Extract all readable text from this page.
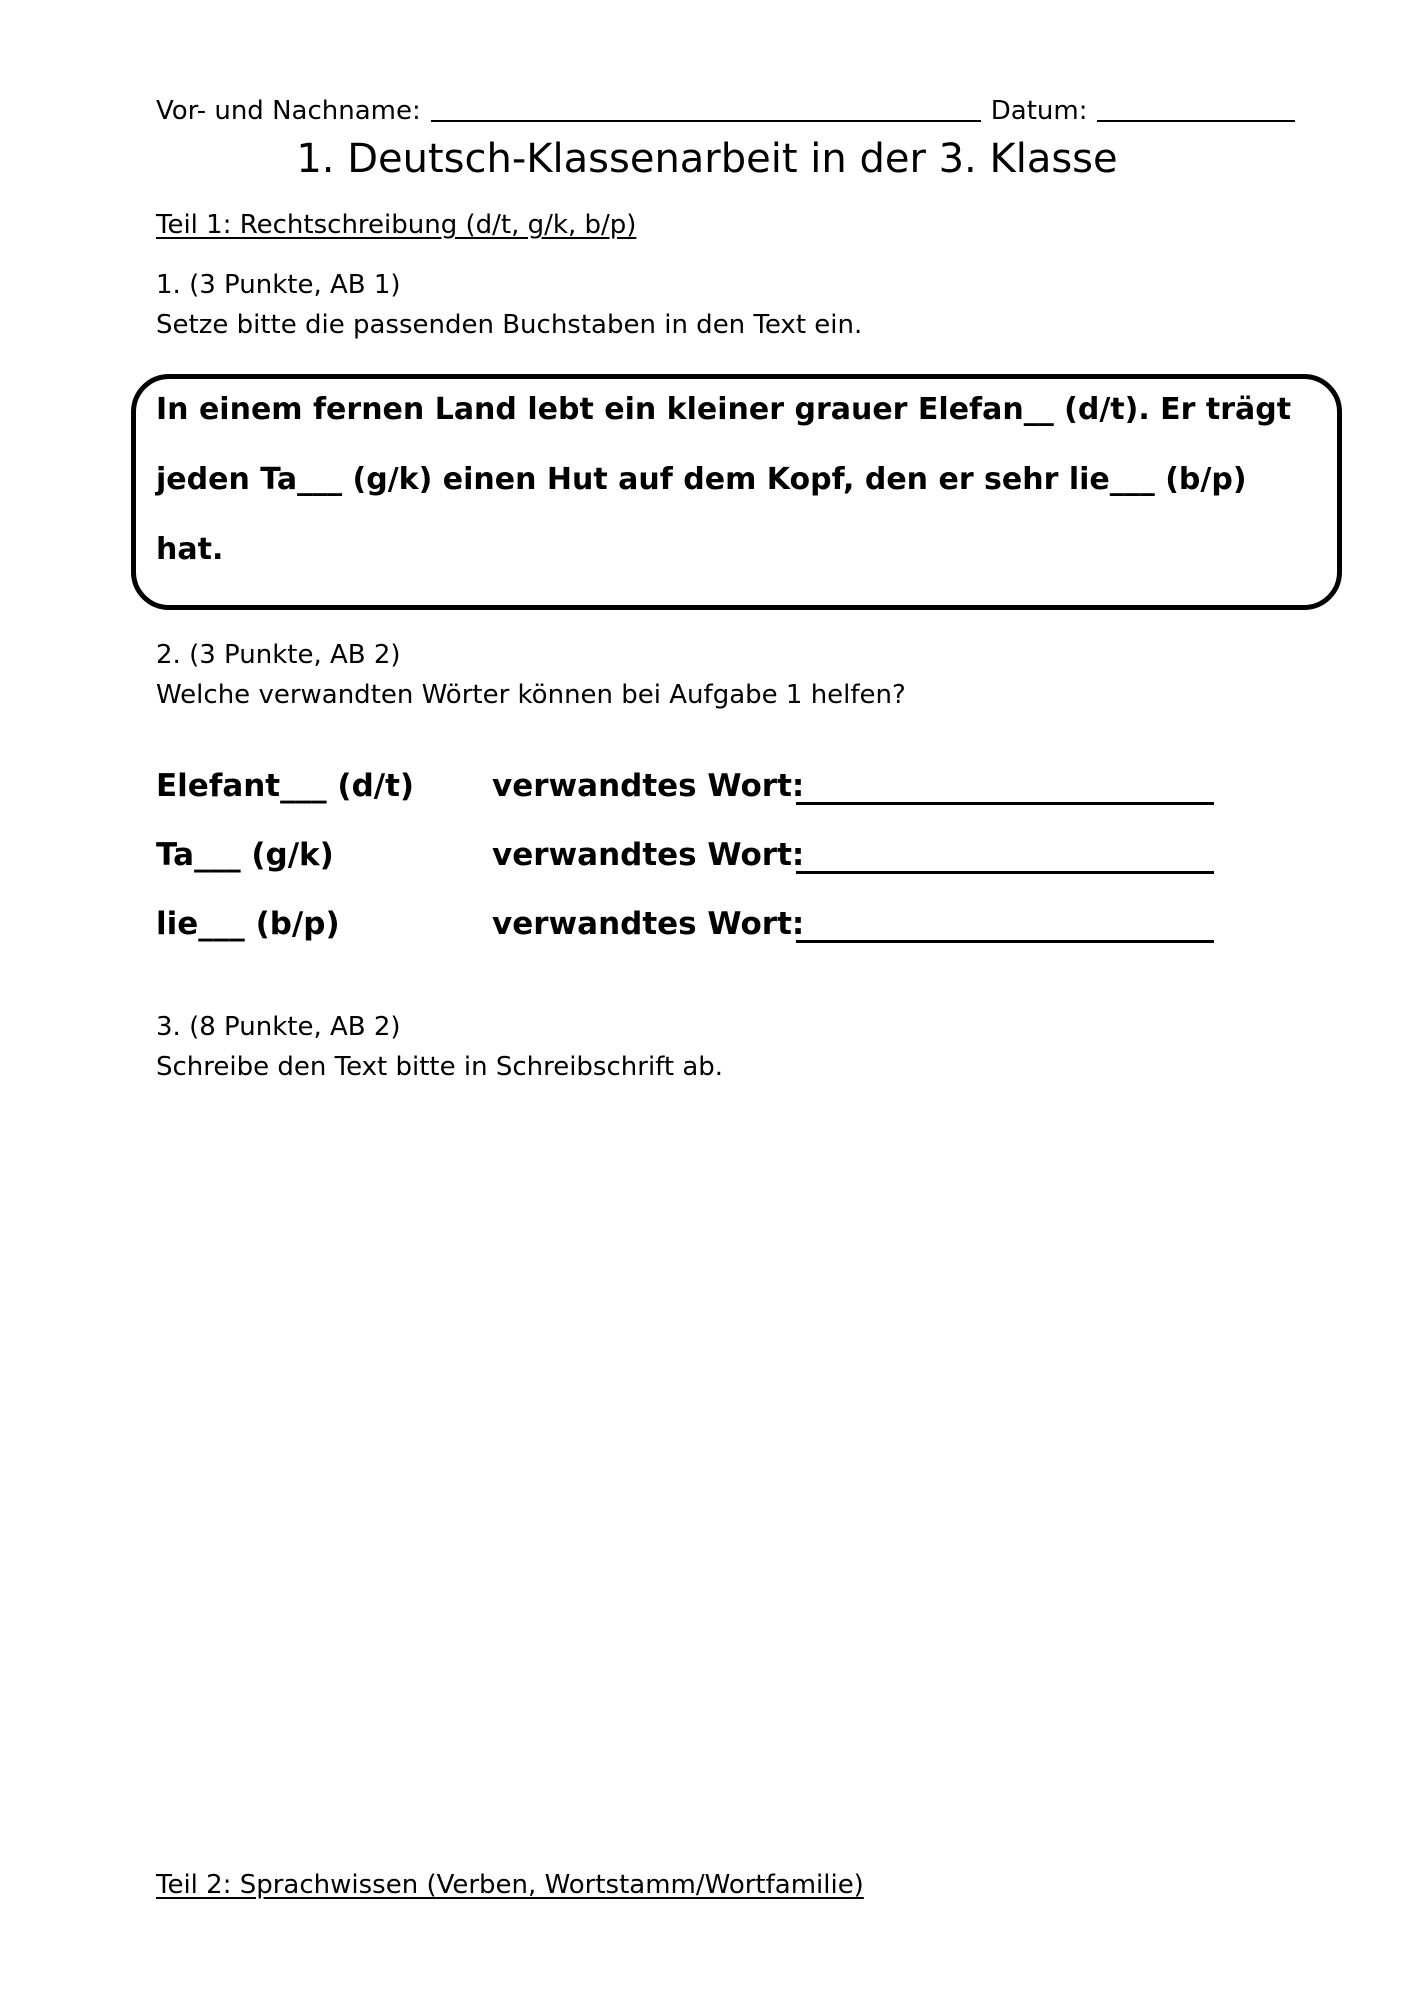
Vor- und Nachname:	Datum:
1. Deutsch-Klassenarbeit in der 3. Klasse
Teil 1: Rechtschreibung (d/t, g/k, b/p)
1. (3 Punkte, AB 1)
Setze bitte die passenden Buchstaben in den Text ein.
In einem fernen Land lebt ein kleiner grauer Elefan__ (d/t). Er trägt
jeden Ta___ (g/k) einen Hut auf dem Kopf, den er sehr lie___ (b/p)
hat.
2. (3 Punkte, AB 2)
Welche verwandten Wörter können bei Aufgabe 1 helfen?
Elefant___ (d/t)	verwandtes Wort:
Ta___ (g/k)	verwandtes Wort:
lie___ (b/p)	verwandtes Wort:
3. (8 Punkte, AB 2)
Schreibe den Text bitte in Schreibschrift ab.
Teil 2: Sprachwissen (Verben, Wortstamm/Wortfamilie)
